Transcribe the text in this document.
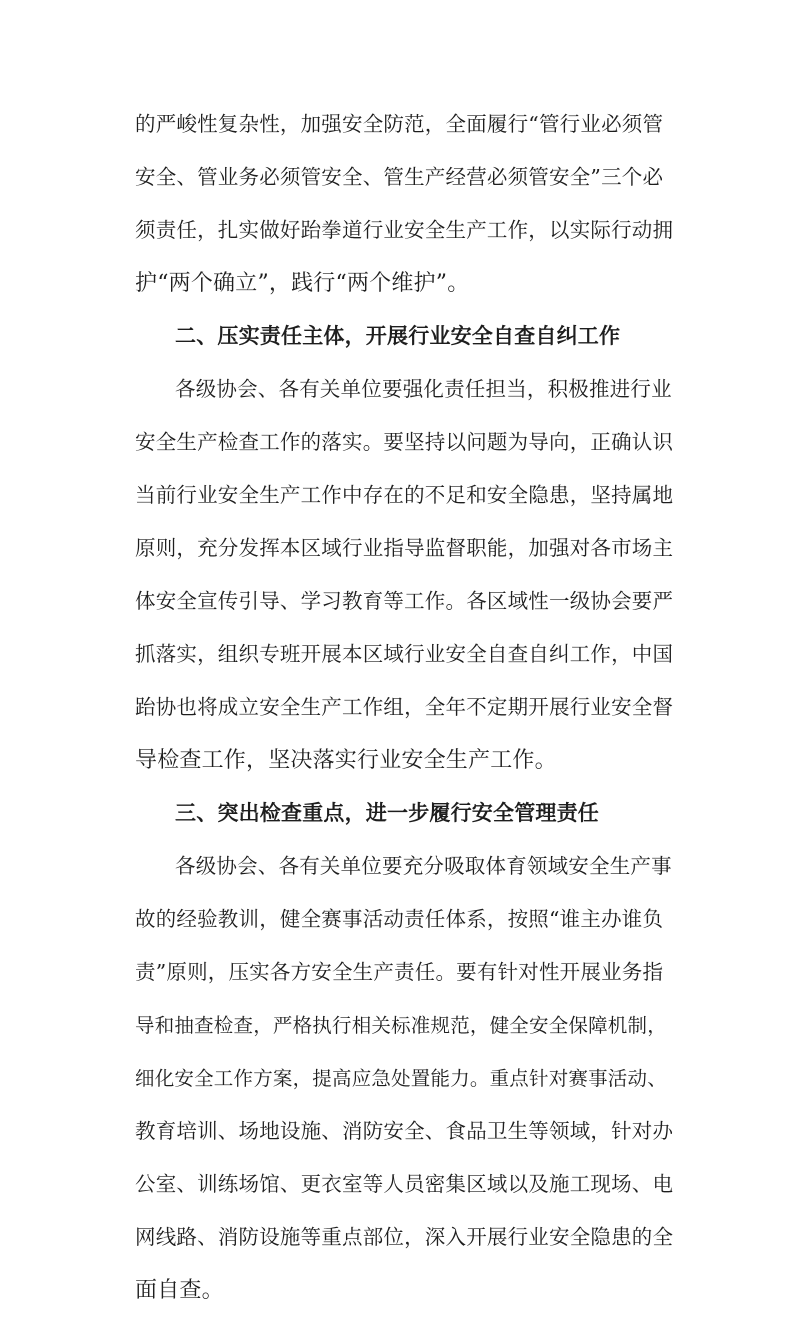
的严峻性复杂性，加强安全防范，全面履行“管行业必须管
安全、管业务必须管安全、管生产经营必须管安全”三个必
须责任，扎实做好跆拳道行业安全生产工作，以实际行动拥
护“两个确立”，践行“两个维护”。
二、压实责任主体，开展行业安全自查自纠工作
各级协会、各有关单位要强化责任担当，积极推进行业
安全生产检查工作的落实。要坚持以问题为导向，正确认识
当前行业安全生产工作中存在的不足和安全隐患，坚持属地
原则，充分发挥本区域行业指导监督职能，加强对各市场主
体安全宣传引导、学习教育等工作。各区域性一级协会要严
抓落实，组织专班开展本区域行业安全自查自纠工作，中国
跆协也将成立安全生产工作组，全年不定期开展行业安全督
导检查工作，坚决落实行业安全生产工作。
三、突出检查重点，进一步履行安全管理责任
各级协会、各有关单位要充分吸取体育领域安全生产事
故的经验教训，健全赛事活动责任体系，按照“谁主办谁负
责”原则，压实各方安全生产责任。要有针对性开展业务指
导和抽查检查，严格执行相关标准规范，健全安全保障机制，
细化安全工作方案，提高应急处置能力。重点针对赛事活动、
教育培训、场地设施、消防安全、食品卫生等领域，针对办
公室、训练场馆、更衣室等人员密集区域以及施工现场、电
网线路、消防设施等重点部位，深入开展行业安全隐患的全
面自查。
